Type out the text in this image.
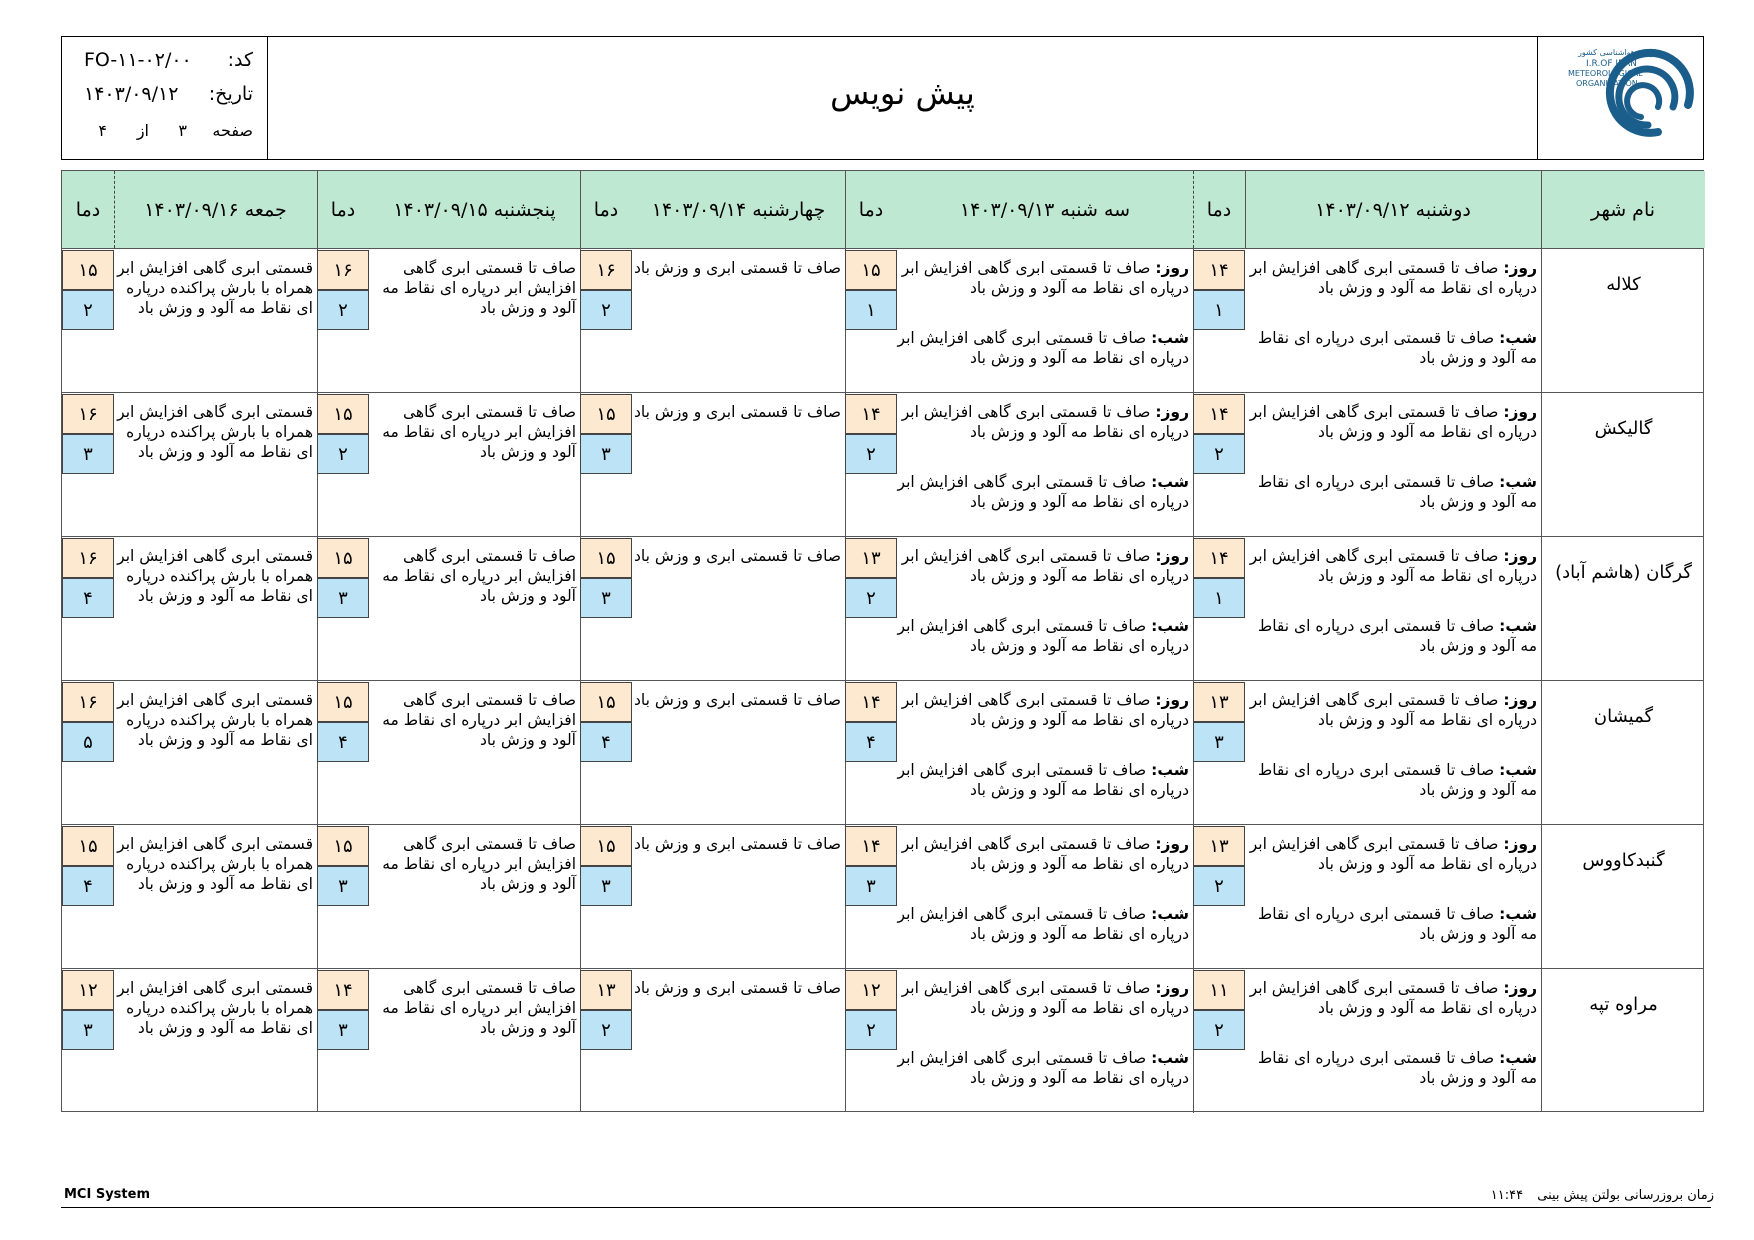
کد:
FO-۱۱-۰۲/۰۰
تاریخ:
۱۴۰۳/۰۹/۱۲
صفحه
۳
از
۴
پیش نویس
سازمان هواشناسی کشور
I.R.OF IRAN
METEOROLOGICAL
ORGANIZATION
نام شهر
دوشنبه ۱۴۰۳/۰۹/۱۲
دما
سه شنبه ۱۴۰۳/۰۹/۱۳
دما
چهارشنبه ۱۴۰۳/۰۹/۱۴
دما
پنجشنبه ۱۴۰۳/۰۹/۱۵
دما
جمعه ۱۴۰۳/۰۹/۱۶
دما
کلاله
روز: صاف تا قسمتی ابری گاهی افزایش ابر درپاره ای نقاط مه آلود و وزش باد
شب: صاف تا قسمتی ابری درپاره ای نقاط مه آلود و وزش باد
۱۴
۱
روز: صاف تا قسمتی ابری گاهی افزایش ابر درپاره ای نقاط مه آلود و وزش باد
شب: صاف تا قسمتی ابری گاهی افزایش ابر درپاره ای نقاط مه آلود و وزش باد
۱۵
۱
صاف تا قسمتی ابری و وزش باد
۱۶
۲
صاف تا قسمتی ابری گاهی افزایش ابر درپاره ای نقاط مه آلود و وزش باد
۱۶
۲
قسمتی ابری گاهی افزایش ابر همراه با بارش پراکنده درپاره ای نقاط مه آلود و وزش باد
۱۵
۲
گالیکش
روز: صاف تا قسمتی ابری گاهی افزایش ابر درپاره ای نقاط مه آلود و وزش باد
شب: صاف تا قسمتی ابری درپاره ای نقاط مه آلود و وزش باد
۱۴
۲
روز: صاف تا قسمتی ابری گاهی افزایش ابر درپاره ای نقاط مه آلود و وزش باد
شب: صاف تا قسمتی ابری گاهی افزایش ابر درپاره ای نقاط مه آلود و وزش باد
۱۴
۲
صاف تا قسمتی ابری و وزش باد
۱۵
۳
صاف تا قسمتی ابری گاهی افزایش ابر درپاره ای نقاط مه آلود و وزش باد
۱۵
۲
قسمتی ابری گاهی افزایش ابر همراه با بارش پراکنده درپاره ای نقاط مه آلود و وزش باد
۱۶
۳
گرگان (هاشم آباد)
روز: صاف تا قسمتی ابری گاهی افزایش ابر درپاره ای نقاط مه آلود و وزش باد
شب: صاف تا قسمتی ابری درپاره ای نقاط مه آلود و وزش باد
۱۴
۱
روز: صاف تا قسمتی ابری گاهی افزایش ابر درپاره ای نقاط مه آلود و وزش باد
شب: صاف تا قسمتی ابری گاهی افزایش ابر درپاره ای نقاط مه آلود و وزش باد
۱۳
۲
صاف تا قسمتی ابری و وزش باد
۱۵
۳
صاف تا قسمتی ابری گاهی افزایش ابر درپاره ای نقاط مه آلود و وزش باد
۱۵
۳
قسمتی ابری گاهی افزایش ابر همراه با بارش پراکنده درپاره ای نقاط مه آلود و وزش باد
۱۶
۴
گمیشان
روز: صاف تا قسمتی ابری گاهی افزایش ابر درپاره ای نقاط مه آلود و وزش باد
شب: صاف تا قسمتی ابری درپاره ای نقاط مه آلود و وزش باد
۱۳
۳
روز: صاف تا قسمتی ابری گاهی افزایش ابر درپاره ای نقاط مه آلود و وزش باد
شب: صاف تا قسمتی ابری گاهی افزایش ابر درپاره ای نقاط مه آلود و وزش باد
۱۴
۴
صاف تا قسمتی ابری و وزش باد
۱۵
۴
صاف تا قسمتی ابری گاهی افزایش ابر درپاره ای نقاط مه آلود و وزش باد
۱۵
۴
قسمتی ابری گاهی افزایش ابر همراه با بارش پراکنده درپاره ای نقاط مه آلود و وزش باد
۱۶
۵
گنبدکاووس
روز: صاف تا قسمتی ابری گاهی افزایش ابر درپاره ای نقاط مه آلود و وزش باد
شب: صاف تا قسمتی ابری درپاره ای نقاط مه آلود و وزش باد
۱۳
۲
روز: صاف تا قسمتی ابری گاهی افزایش ابر درپاره ای نقاط مه آلود و وزش باد
شب: صاف تا قسمتی ابری گاهی افزایش ابر درپاره ای نقاط مه آلود و وزش باد
۱۴
۳
صاف تا قسمتی ابری و وزش باد
۱۵
۳
صاف تا قسمتی ابری گاهی افزایش ابر درپاره ای نقاط مه آلود و وزش باد
۱۵
۳
قسمتی ابری گاهی افزایش ابر همراه با بارش پراکنده درپاره ای نقاط مه آلود و وزش باد
۱۵
۴
مراوه تپه
روز: صاف تا قسمتی ابری گاهی افزایش ابر درپاره ای نقاط مه آلود و وزش باد
شب: صاف تا قسمتی ابری درپاره ای نقاط مه آلود و وزش باد
۱۱
۲
روز: صاف تا قسمتی ابری گاهی افزایش ابر درپاره ای نقاط مه آلود و وزش باد
شب: صاف تا قسمتی ابری گاهی افزایش ابر درپاره ای نقاط مه آلود و وزش باد
۱۲
۲
صاف تا قسمتی ابری و وزش باد
۱۳
۲
صاف تا قسمتی ابری گاهی افزایش ابر درپاره ای نقاط مه آلود و وزش باد
۱۴
۳
قسمتی ابری گاهی افزایش ابر همراه با بارش پراکنده درپاره ای نقاط مه آلود و وزش باد
۱۲
۳
MCI System	زمان بروزرسانی بولتن پیش بینی ۱۱:۴۴
